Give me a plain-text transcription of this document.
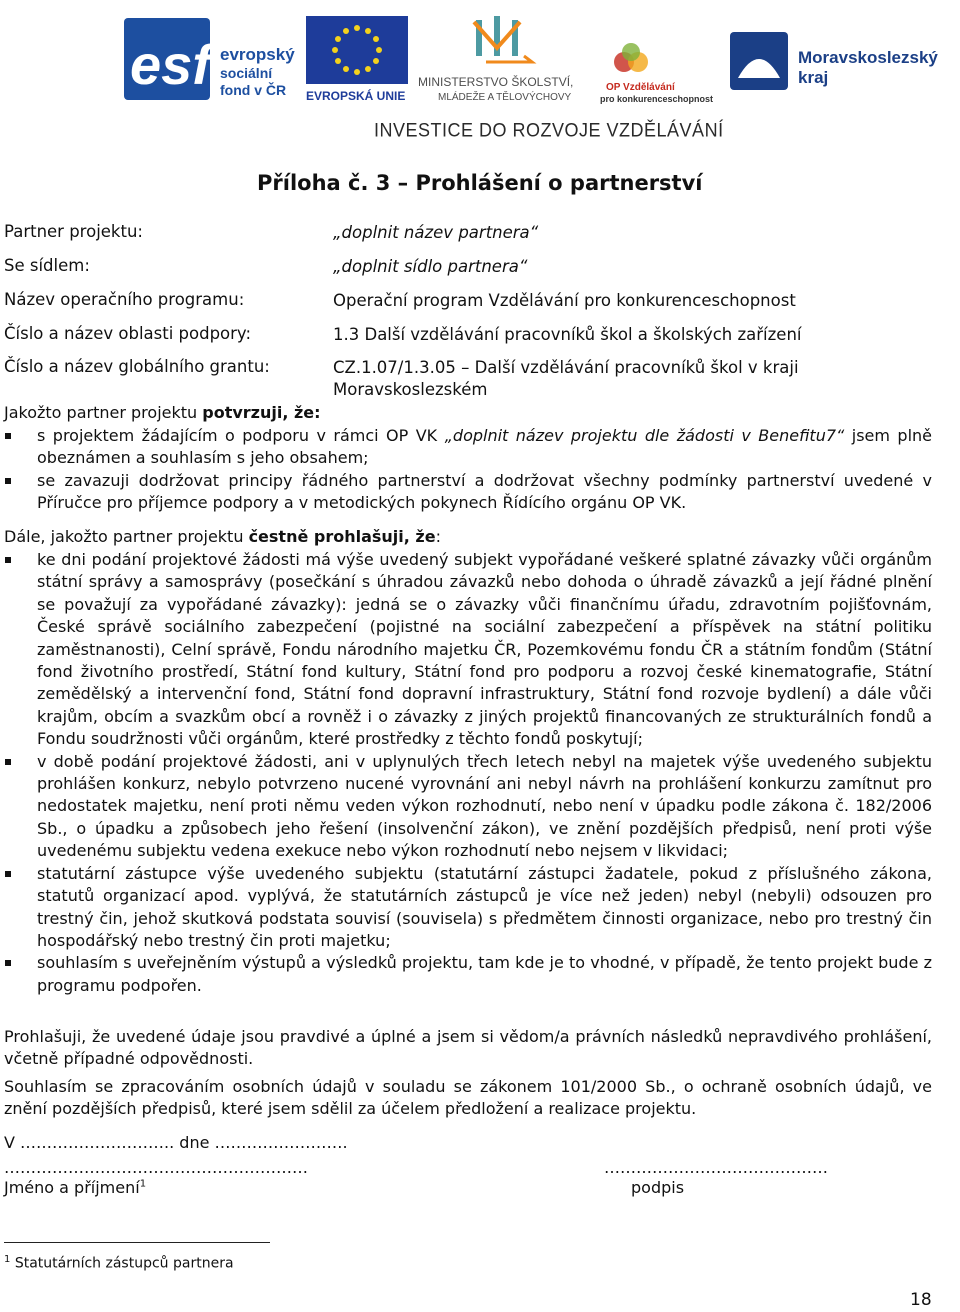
esf evropský
sociální
fond v ČR EVROPSKÁ UNIE
MINISTERSTVO ŠKOLSTVÍ,
MLÁDEŽE A TĚLOVÝCHOVY
OP Vzdělávání
pro konkurenceschopnost
Moravskoslezský
kraj
INVESTICE DO ROZVOJE VZDĚLÁVÁNÍ
Příloha č. 3 – Prohlášení o partnerství
Partner projektu:	„doplnit název partnera“
Se sídlem:	„doplnit sídlo partnera“
Název operačního programu:	Operační program Vzdělávání pro konkurenceschopnost
Číslo a název oblasti podpory:	1.3 Další vzdělávání pracovníků škol a školských zařízení
Číslo a název globálního grantu:	CZ.1.07/1.3.05 – Další vzdělávání pracovníků škol v kraji Moravskoslezském
Jakožto partner projektu potvrzuji, že:
s projektem žádajícím o podporu v rámci OP VK „doplnit název projektu dle žádosti v Benefitu7“ jsem plně obeznámen a souhlasím s jeho obsahem;
se zavazuji dodržovat principy řádného partnerství a dodržovat všechny podmínky partnerství uvedené v Příručce pro příjemce podpory a v metodických pokynech Řídícího orgánu OP VK.
Dále, jakožto partner projektu čestně prohlašuji, že:
ke dni podání projektové žádosti má výše uvedený subjekt vypořádané veškeré splatné závazky vůči orgánům státní správy a samosprávy (posečkání s úhradou závazků nebo dohoda o úhradě závazků a její řádné plnění se považují za vypořádané závazky): jedná se o závazky vůči finančnímu úřadu, zdravotním pojišťovnám, České správě sociálního zabezpečení (pojistné na sociální zabezpečení a příspěvek na státní politiku zaměstnanosti), Celní správě, Fondu národního majetku ČR, Pozemkovému fondu ČR a státním fondům (Státní fond životního prostředí, Státní fond kultury, Státní fond pro podporu a rozvoj české kinematografie, Státní zemědělský a intervenční fond, Státní fond dopravní infrastruktury, Státní fond rozvoje bydlení) a dále vůči krajům, obcím a svazkům obcí a rovněž i o závazky z jiných projektů financovaných ze strukturálních fondů a Fondu soudržnosti vůči orgánům, které prostředky z těchto fondů poskytují;
v době podání projektové žádosti, ani v uplynulých třech letech nebyl na majetek výše uvedeného subjektu prohlášen konkurz, nebylo potvrzeno nucené vyrovnání ani nebyl návrh na prohlášení konkurzu zamítnut pro nedostatek majetku, není proti němu veden výkon rozhodnutí, nebo není v úpadku podle zákona č. 182/2006 Sb., o úpadku a způsobech jeho řešení (insolvenční zákon), ve znění pozdějších předpisů, není proti výše uvedenému subjektu vedena exekuce nebo výkon rozhodnutí nebo nejsem v likvidaci;
statutární zástupce výše uvedeného subjektu (statutární zástupci žadatele, pokud z příslušného zákona, statutů organizací apod. vyplývá, že statutárních zástupců je více než jeden) nebyl (nebyli) odsouzen pro trestný čin, jehož skutková podstata souvisí (souvisela) s předmětem činnosti organizace, nebo pro trestný čin hospodářský nebo trestný čin proti majetku;
souhlasím s uveřejněním výstupů a výsledků projektu, tam kde je to vhodné, v případě, že tento projekt bude z programu podpořen.
Prohlašuji, že uvedené údaje jsou pravdivé a úplné a jsem si vědom/a právních následků nepravdivého prohlášení, včetně případné odpovědnosti.
Souhlasím se zpracováním osobních údajů v souladu se zákonem 101/2000 Sb., o ochraně osobních údajů, ve znění pozdějších předpisů, které jsem sdělil za účelem předložení a realizace projektu.
V ……………………….. dne …………………….
…………………………………………………	……………………………………
Jméno a příjmení$^1$	podpis
$^1$ Statutárních zástupců partnera
18
